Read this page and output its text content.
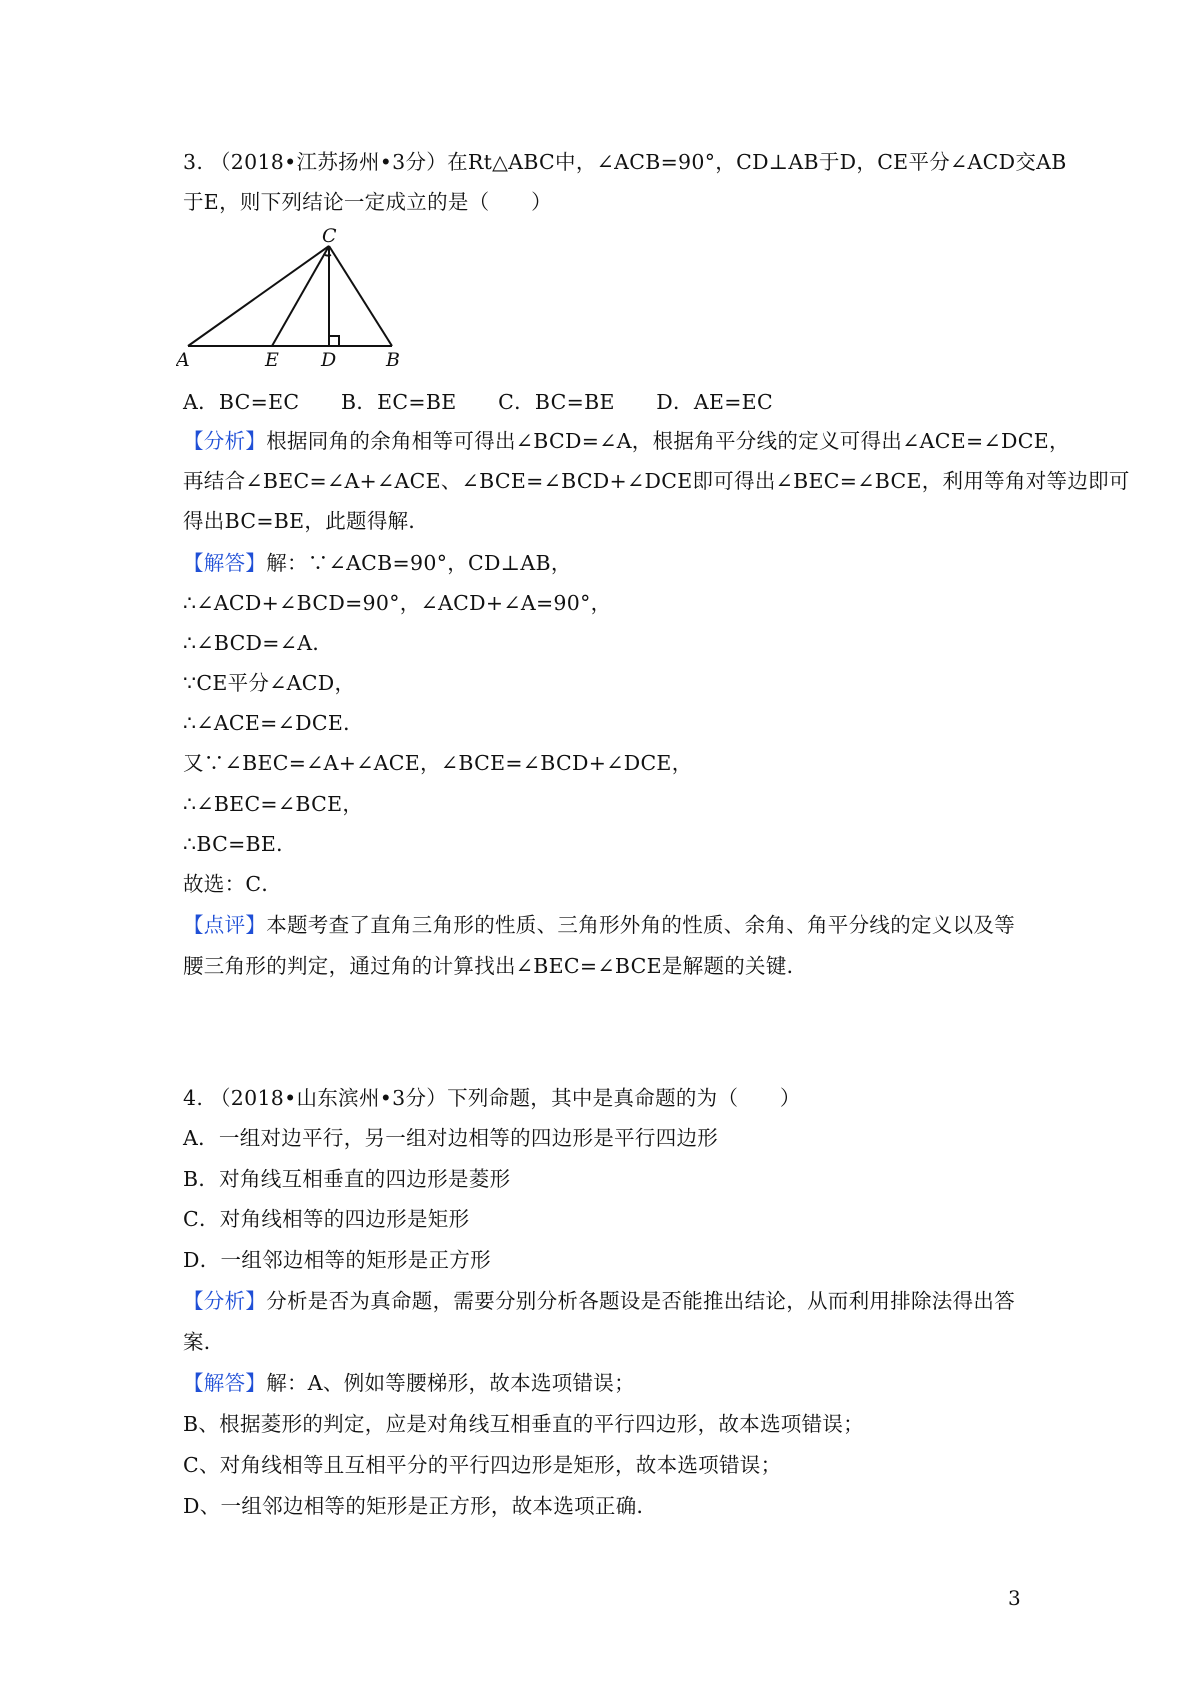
3. （2018•江苏扬州•3分）在Rt△ABC中，∠ACB=90°，CD⊥AB于D，CE平分∠ACD交AB

于E，则下列结论一定成立的是（　　）

C
A	E D	B

A．BC=EC　　B．EC=BE　　C．BC=BE　　D．AE=EC

【分析】根据同角的余角相等可得出∠BCD=∠A，根据角平分线的定义可得出∠ACE=∠DCE，

再结合∠BEC=∠A+∠ACE、∠BCE=∠BCD+∠DCE即可得出∠BEC=∠BCE，利用等角对等边即可

得出BC=BE，此题得解．

【解答】解：∵∠ACB=90°，CD⊥AB，

∴∠ACD+∠BCD=90°，∠ACD+∠A=90°，

∴∠BCD=∠A．

∵CE平分∠ACD，

∴∠ACE=∠DCE．

又∵∠BEC=∠A+∠ACE，∠BCE=∠BCD+∠DCE，

∴∠BEC=∠BCE，

∴BC=BE．

故选：C．

【点评】本题考查了直角三角形的性质、三角形外角的性质、余角、角平分线的定义以及等

腰三角形的判定，通过角的计算找出∠BEC=∠BCE是解题的关键．

4. （2018•山东滨州•3分）下列命题，其中是真命题的为（　　）

A．一组对边平行，另一组对边相等的四边形是平行四边形

B．对角线互相垂直的四边形是菱形

C．对角线相等的四边形是矩形

D．一组邻边相等的矩形是正方形

【分析】分析是否为真命题，需要分别分析各题设是否能推出结论，从而利用排除法得出答

案．

【解答】解：A、例如等腰梯形，故本选项错误；

B、根据菱形的判定，应是对角线互相垂直的平行四边形，故本选项错误；

C、对角线相等且互相平分的平行四边形是矩形，故本选项错误；

D、一组邻边相等的矩形是正方形，故本选项正确．

3
